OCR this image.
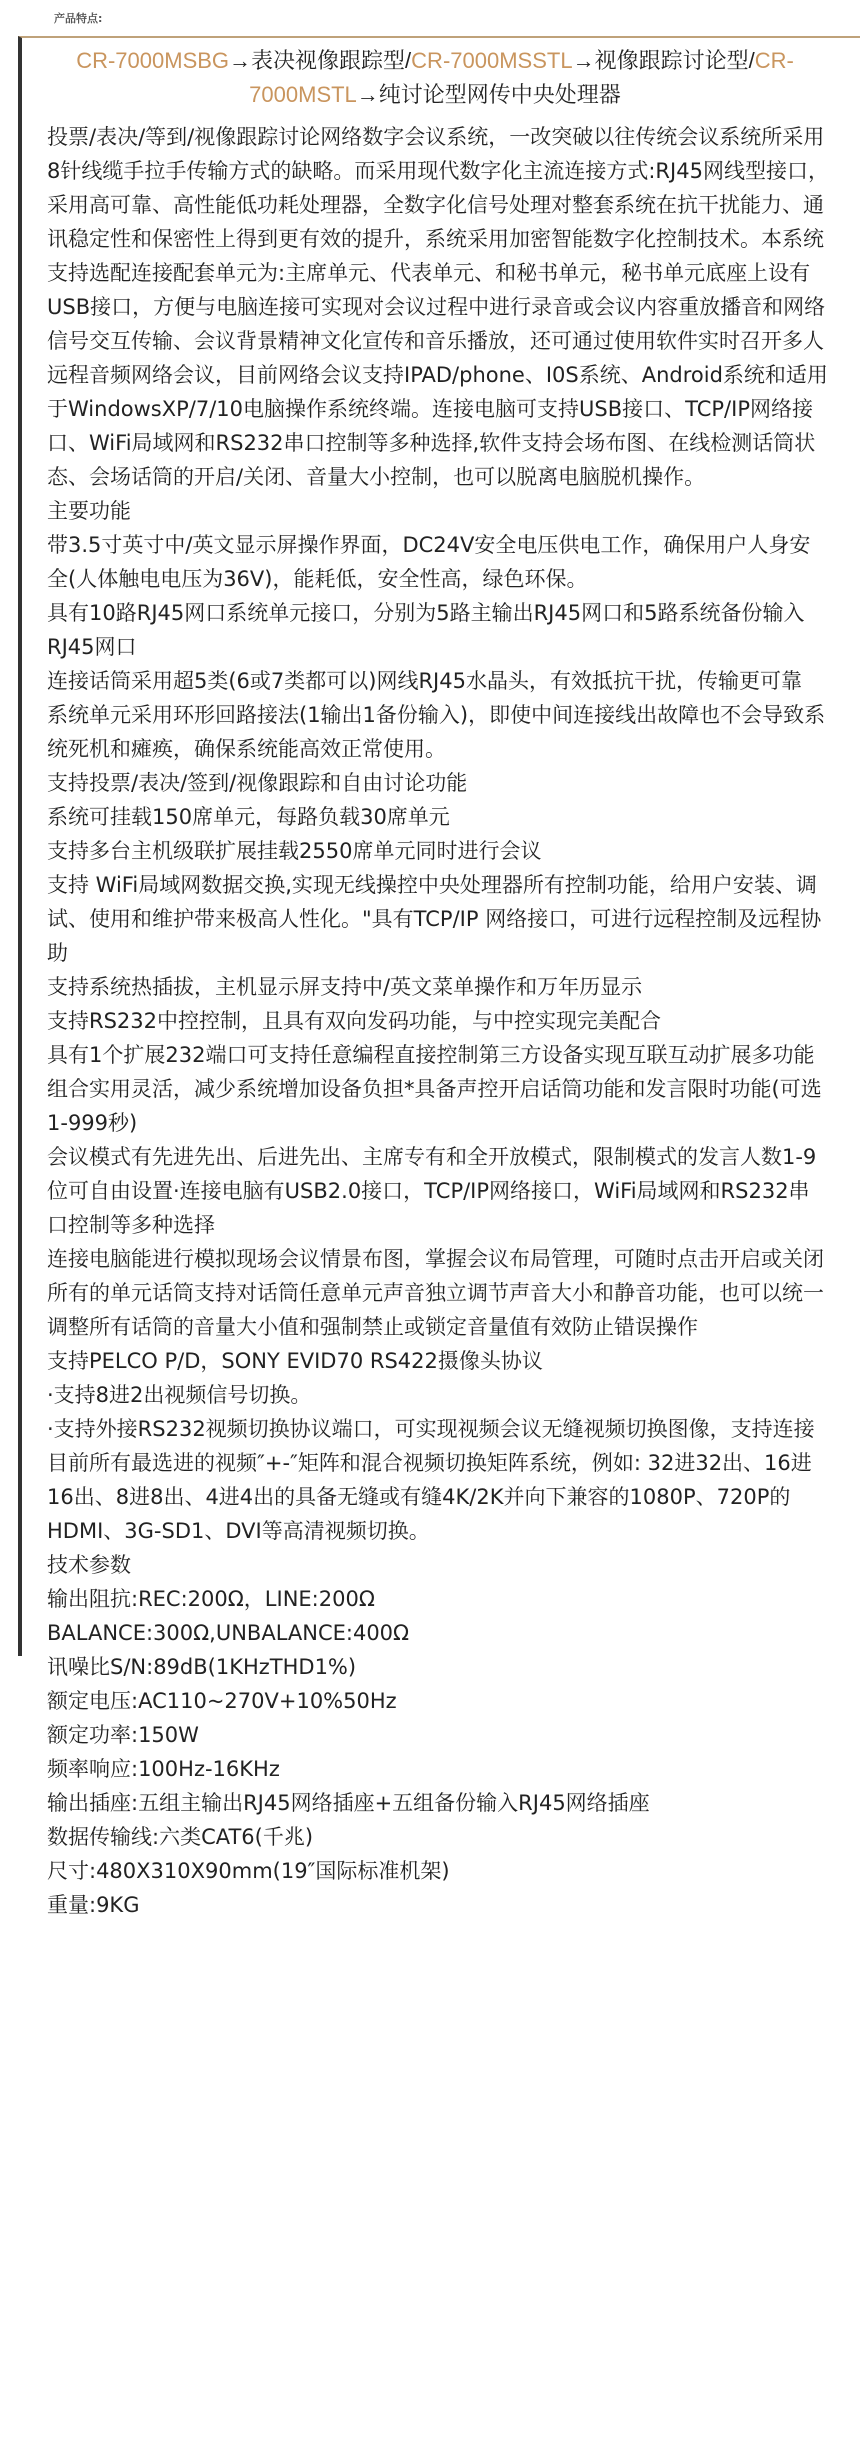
产品特点:
CR-7000MSBG→表决视像跟踪型/CR-7000MSSTL→视像跟踪讨论型/CR-7000MSTL→纯讨论型网传中央处理器

投票/表决/等到/视像跟踪讨论网络数字会议系统，一改突破以往传统会议系统所采用8针线缆手拉手传输方式的缺略。而采用现代数字化主流连接方式:RJ45网线型接口，采用高可靠、高性能低功耗处理器，全数字化信号处理对整套系统在抗干扰能力、通讯稳定性和保密性上得到更有效的提升，系统采用加密智能数字化控制技术。本系统支持选配连接配套单元为:主席单元、代表单元、和秘书单元，秘书单元底座上设有USB接口，方便与电脑连接可实现对会议过程中进行录音或会议内容重放播音和网络信号交互传输、会议背景精神文化宣传和音乐播放，还可通过使用软件实时召开多人远程音频网络会议，目前网络会议支持IPAD/phone、I0S系统、Android系统和适用于WindowsXP/7/10电脑操作系统终端。连接电脑可支持USB接口、TCP/IP网络接口、WiFi局域网和RS232串口控制等多种选择,软件支持会场布图、在线检测话筒状态、会场话筒的开启/关闭、音量大小控制，也可以脱离电脑脱机操作。

主要功能

带3.5寸英寸中/英文显示屏操作界面，DC24V安全电压供电工作，确保用户人身安全(人体触电电压为36V)，能耗低，安全性高，绿色环保。

具有10路RJ45网口系统单元接口，分别为5路主输出RJ45网口和5路系统备份输入RJ45网口

连接话筒采用超5类(6或7类都可以)网线RJ45水晶头，有效抵抗干扰，传输更可靠

系统单元采用环形回路接法(1输出1备份输入)，即使中间连接线出故障也不会导致系统死机和瘫痪，确保系统能高效正常使用。

支持投票/表决/签到/视像跟踪和自由讨论功能

系统可挂载150席单元，每路负载30席单元

支持多台主机级联扩展挂载2550席单元同时进行会议

支持 WiFi局域网数据交换,实现无线操控中央处理器所有控制功能，给用户安装、调试、使用和维护带来极高人性化。"具有TCP/IP 网络接口，可进行远程控制及远程协助

支持系统热插拔，主机显示屏支持中/英文菜单操作和万年历显示

支持RS232中控控制，且具有双向发码功能，与中控实现完美配合

具有1个扩展232端口可支持任意编程直接控制第三方设备实现互联互动扩展多功能组合实用灵活，减少系统增加设备负担*具备声控开启话筒功能和发言限时功能(可选1-999秒)

会议模式有先进先出、后进先出、主席专有和全开放模式，限制模式的发言人数1-9位可自由设置·连接电脑有USB2.0接口，TCP/IP网络接口，WiFi局域网和RS232串口控制等多种选择

连接电脑能进行模拟现场会议情景布图，掌握会议布局管理，可随时点击开启或关闭所有的单元话筒支持对话筒任意单元声音独立调节声音大小和静音功能，也可以统一调整所有话筒的音量大小值和强制禁止或锁定音量值有效防止错误操作

支持PELCO P/D，SONY EVID70 RS422摄像头协议

·支持8进2出视频信号切换。

·支持外接RS232视频切换协议端口，可实现视频会议无缝视频切换图像，支持连接目前所有最选进的视频″+-″矩阵和混合视频切换矩阵系统，例如: 32进32出、16进16出、8进8出、4进4出的具备无缝或有缝4K/2K并向下兼容的1080P、720P的HDMI、3G-SD1、DVI等高清视频切换。

技术参数

输出阻抗:REC:200Ω，LINE:200Ω

BALANCE:300Ω,UNBALANCE:400Ω

讯噪比S/N:89dB(1KHzTHD1%)

额定电压:AC110~270V+10%50Hz

额定功率:150W

频率响应:100Hz-16KHz

输出插座:五组主输出RJ45网络插座+五组备份输入RJ45网络插座

数据传输线:六类CAT6(千兆)

尺寸:480X310X90mm(19″国际标准机架)

重量:9KG
